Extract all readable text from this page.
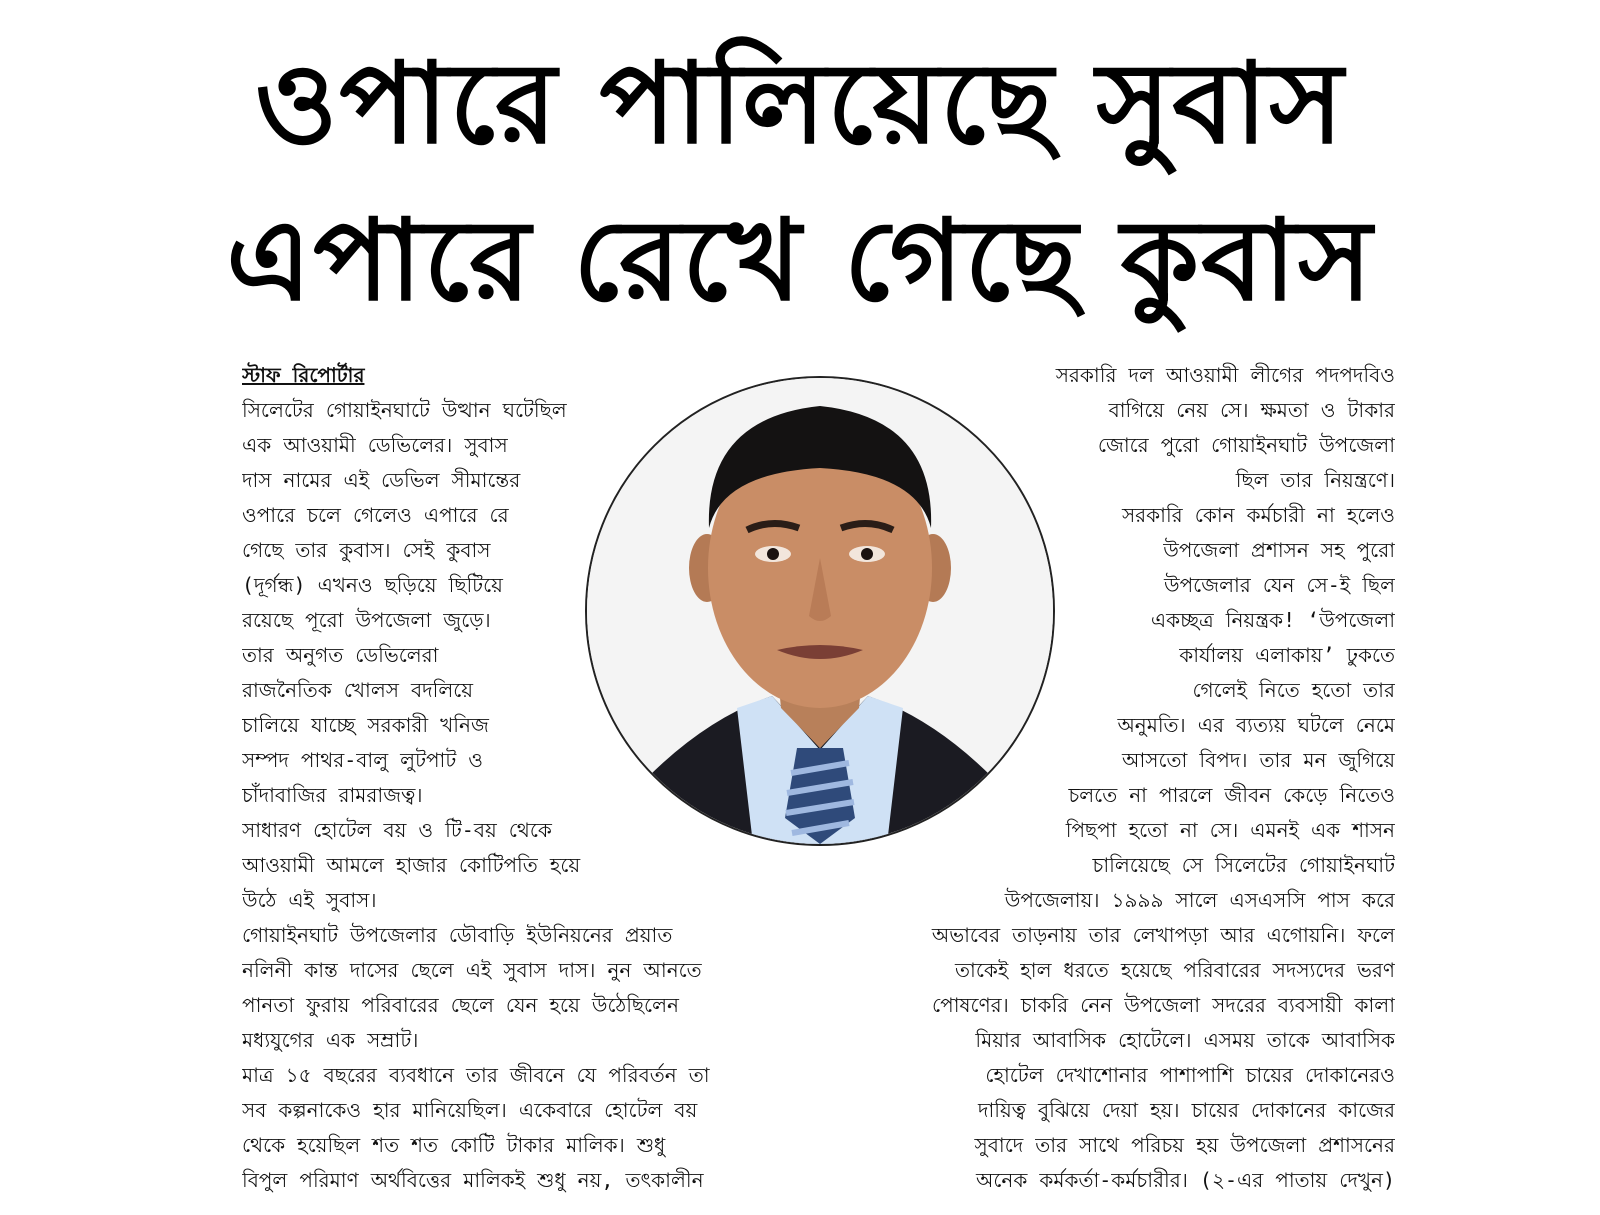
ওপারে পালিয়েছে সুবাস
এপারে রেখে গেছে কুবাস
স্টাফ রিপোর্টার
সিলেটের গোয়াইনঘাটে উত্থান ঘটেছিল
এক আওয়ামী ডেভিলের। সুবাস
দাস নামের এই ডেভিল সীমান্তের
ওপারে চলে গেলেও এপারে রে
গেছে তার কুবাস। সেই কুবাস
(দূর্গন্ধ) এখনও ছড়িয়ে ছিটিয়ে
রয়েছে পূরো উপজেলা জুড়ে।
তার অনুগত ডেভিলেরা
রাজনৈতিক খোলস বদলিয়ে
চালিয়ে যাচ্ছে সরকারী খনিজ
সম্পদ পাথর-বালু লুটপাট ও
চাঁদাবাজির রামরাজত্ব।
সাধারণ হোটেল বয় ও টি-বয় থেকে
আওয়ামী আমলে হাজার কোটিপতি হয়ে
উঠে এই সুবাস।
গোয়াইনঘাট উপজেলার ডৌবাড়ি ইউনিয়নের প্রয়াত
নলিনী কান্ত দাসের ছেলে এই সুবাস দাস। নুন আনতে
পানতা ফুরায় পরিবারের ছেলে যেন হয়ে উঠেছিলেন
মধ্যযুগের এক সম্রাট।
মাত্র ১৫ বছরের ব্যবধানে তার জীবনে যে পরিবর্তন তা
সব কল্পনাকেও হার মানিয়েছিল। একেবারে হোটেল বয়
থেকে হয়েছিল শত শত কোটি টাকার মালিক। শুধু
বিপুল পরিমাণ অর্থবিত্তের মালিকই শুধু নয়, তৎকালীন
সরকারি দল আওয়ামী লীগের পদপদবিও
বাগিয়ে নেয় সে। ক্ষমতা ও টাকার
জোরে পুরো গোয়াইনঘাট উপজেলা
ছিল তার নিয়ন্ত্রণে।
সরকারি কোন কর্মচারী না হলেও
উপজেলা প্রশাসন সহ পুরো
উপজেলার যেন সে-ই ছিল
একচ্ছত্র নিয়ন্ত্রক! ‘উপজেলা
কার্যালয় এলাকায়’ ঢুকতে
গেলেই নিতে হতো তার
অনুমতি। এর ব্যত্যয় ঘটলে নেমে
আসতো বিপদ। তার মন জুগিয়ে
চলতে না পারলে জীবন কেড়ে নিতেও
পিছপা হতো না সে। এমনই এক শাসন
চালিয়েছে সে সিলেটের গোয়াইনঘাট
উপজেলায়। ১৯৯৯ সালে এসএসসি পাস করে
অভাবের তাড়নায় তার লেখাপড়া আর এগোয়নি। ফলে
তাকেই হাল ধরতে হয়েছে পরিবারের সদস্যদের ভরণ
পোষণের। চাকরি নেন উপজেলা সদরের ব্যবসায়ী কালা
মিয়ার আবাসিক হোটেলে। এসময় তাকে আবাসিক
হোটেল দেখাশোনার পাশাপাশি চায়ের দোকানেরও
দায়িত্ব বুঝিয়ে দেয়া হয়। চায়ের দোকানের কাজের
সুবাদে তার সাথে পরিচয় হয় উপজেলা প্রশাসনের
অনেক কর্মকর্তা-কর্মচারীর। (২-এর পাতায় দেখুন)
